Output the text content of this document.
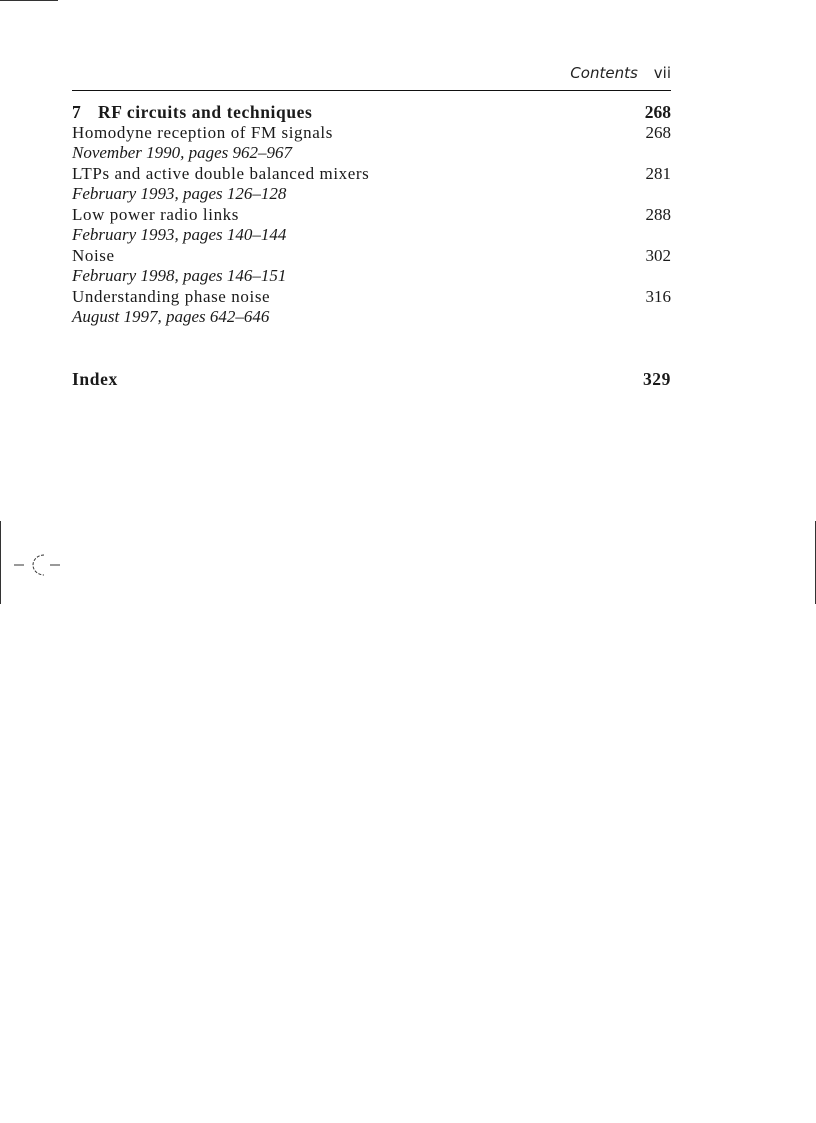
Contents vii
7 RF circuits and techniques	268
Homodyne reception of FM signals	268
November 1990, pages 962–967
LTPs and active double balanced mixers	281
February 1993, pages 126–128
Low power radio links	288
February 1993, pages 140–144
Noise	302
February 1998, pages 146–151
Understanding phase noise	316
August 1997, pages 642–646
Index	329
